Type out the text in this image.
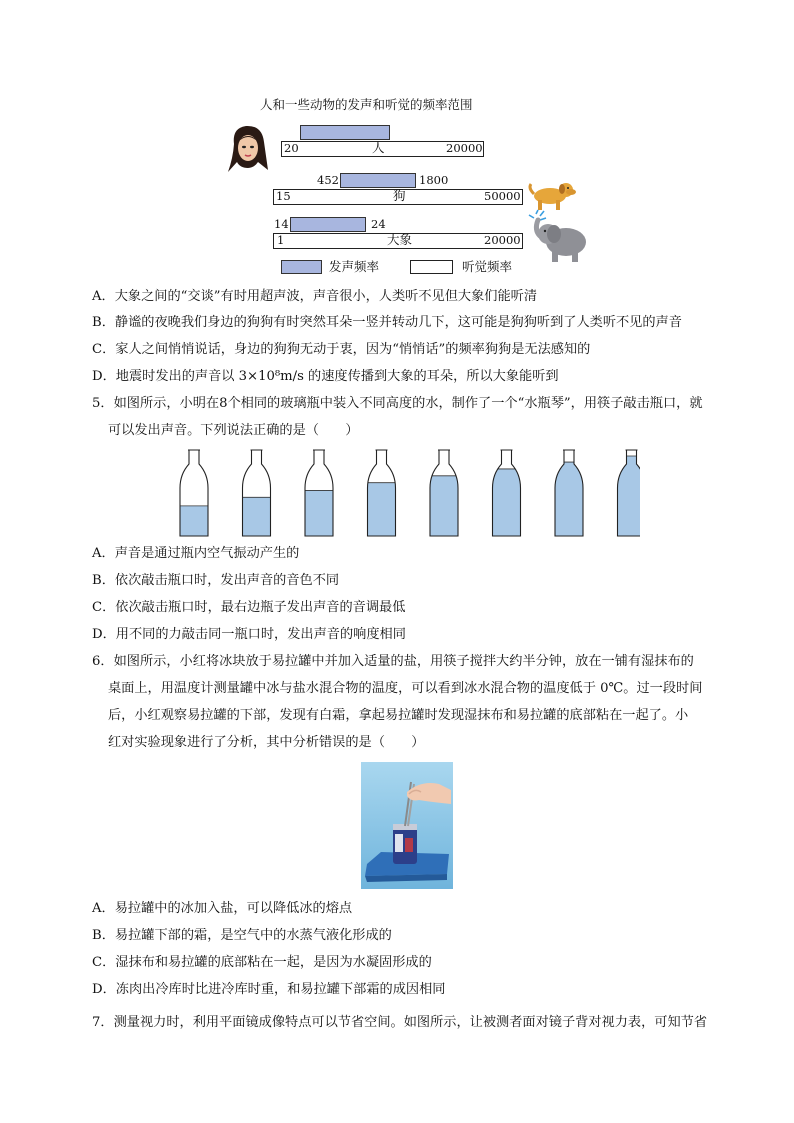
人和一些动物的发声和听觉的频率范围
20	人	20000
452	1800
15	狗	50000
14	24
1	大象	20000
发声频率	听觉频率
A．大象之间的“交谈”有时用超声波，声音很小，人类听不见但大象们能听清
B．静谧的夜晚我们身边的狗狗有时突然耳朵一竖并转动几下，这可能是狗狗听到了人类听不见的声音
C．家人之间悄悄说话，身边的狗狗无动于衷，因为“悄悄话”的频率狗狗是无法感知的
D．地震时发出的声音以 3×10⁸m/s 的速度传播到大象的耳朵，所以大象能听到
5．如图所示，小明在8个相同的玻璃瓶中装入不同高度的水，制作了一个“水瓶琴”，用筷子敲击瓶口，就
可以发出声音。下列说法正确的是（　　）
A．声音是通过瓶内空气振动产生的
B．依次敲击瓶口时，发出声音的音色不同
C．依次敲击瓶口时，最右边瓶子发出声音的音调最低
D．用不同的力敲击同一瓶口时，发出声音的响度相同
6．如图所示，小红将冰块放于易拉罐中并加入适量的盐，用筷子搅拌大约半分钟，放在一铺有湿抹布的
桌面上，用温度计测量罐中冰与盐水混合物的温度，可以看到冰水混合物的温度低于 0℃。过一段时间
后，小红观察易拉罐的下部，发现有白霜，拿起易拉罐时发现湿抹布和易拉罐的底部粘在一起了。小
红对实验现象进行了分析，其中分析错误的是（　　）
A．易拉罐中的冰加入盐，可以降低冰的熔点
B．易拉罐下部的霜，是空气中的水蒸气液化形成的
C．湿抹布和易拉罐的底部粘在一起，是因为水凝固形成的
D．冻肉出冷库时比进冷库时重，和易拉罐下部霜的成因相同
7．测量视力时，利用平面镜成像特点可以节省空间。如图所示，让被测者面对镜子背对视力表，可知节省
